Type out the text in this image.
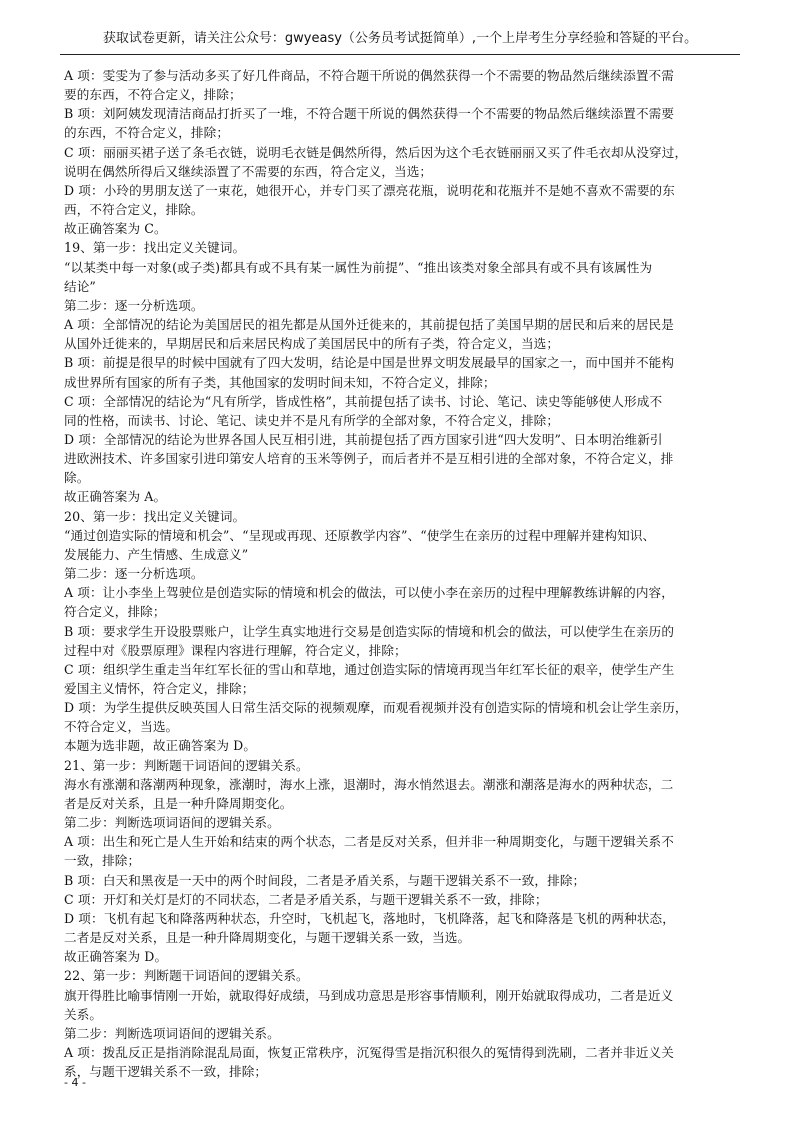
获取试卷更新，请关注公众号：gwyeasy（公务员考试挺简单）,一个上岸考生分享经验和答疑的平台。

A 项：雯雯为了参与活动多买了好几件商品，不符合题干所说的偶然获得一个不需要的物品然后继续添置不需

要的东西，不符合定义，排除；

B 项：刘阿姨发现清洁商品打折买了一堆，不符合题干所说的偶然获得一个不需要的物品然后继续添置不需要

的东西，不符合定义，排除；

C 项：丽丽买裙子送了条毛衣链，说明毛衣链是偶然所得，然后因为这个毛衣链丽丽又买了件毛衣却从没穿过，

说明在偶然所得后又继续添置了不需要的东西，符合定义，当选；

D 项：小玲的男朋友送了一束花，她很开心，并专门买了漂亮花瓶，说明花和花瓶并不是她不喜欢不需要的东

西，不符合定义，排除。

故正确答案为 C。

19、第一步：找出定义关键词。

“以某类中每一对象(或子类)都具有或不具有某一属性为前提”、“推出该类对象全部具有或不具有该属性为

结论”

第二步：逐一分析选项。

A 项：全部情况的结论为美国居民的祖先都是从国外迁徙来的，其前提包括了美国早期的居民和后来的居民是

从国外迁徙来的，早期居民和后来居民构成了美国居民中的所有子类，符合定义，当选；

B 项：前提是很早的时候中国就有了四大发明，结论是中国是世界文明发展最早的国家之一，而中国并不能构

成世界所有国家的所有子类，其他国家的发明时间未知，不符合定义，排除；

C 项：全部情况的结论为“凡有所学，皆成性格”，其前提包括了读书、讨论、笔记、读史等能够使人形成不

同的性格，而读书、讨论、笔记、读史并不是凡有所学的全部对象，不符合定义，排除；

D 项：全部情况的结论为世界各国人民互相引进，其前提包括了西方国家引进“四大发明”、日本明治维新引

进欧洲技术、许多国家引进印第安人培育的玉米等例子，而后者并不是互相引进的全部对象，不符合定义，排

除。

故正确答案为 A。

20、第一步：找出定义关键词。

“通过创造实际的情境和机会”、“呈现或再现、还原教学内容”、“使学生在亲历的过程中理解并建构知识、

发展能力、产生情感、生成意义”

第二步：逐一分析选项。

A 项：让小李坐上驾驶位是创造实际的情境和机会的做法，可以使小李在亲历的过程中理解教练讲解的内容，

符合定义，排除；

B 项：要求学生开设股票账户，让学生真实地进行交易是创造实际的情境和机会的做法，可以使学生在亲历的

过程中对《股票原理》课程内容进行理解，符合定义，排除；

C 项：组织学生重走当年红军长征的雪山和草地，通过创造实际的情境再现当年红军长征的艰辛，使学生产生

爱国主义情怀，符合定义，排除；

D 项：为学生提供反映英国人日常生活交际的视频观摩，而观看视频并没有创造实际的情境和机会让学生亲历，

不符合定义，当选。

本题为选非题，故正确答案为 D。

21、第一步：判断题干词语间的逻辑关系。

海水有涨潮和落潮两种现象，涨潮时，海水上涨，退潮时，海水悄然退去。潮涨和潮落是海水的两种状态，二

者是反对关系，且是一种升降周期变化。

第二步：判断选项词语间的逻辑关系。

A 项：出生和死亡是人生开始和结束的两个状态，二者是反对关系，但并非一种周期变化，与题干逻辑关系不

一致，排除；

B 项：白天和黑夜是一天中的两个时间段，二者是矛盾关系，与题干逻辑关系不一致，排除；

C 项：开灯和关灯是灯的不同状态，二者是矛盾关系，与题干逻辑关系不一致，排除；

D 项：飞机有起飞和降落两种状态，升空时，飞机起飞，落地时，飞机降落，起飞和降落是飞机的两种状态，

二者是反对关系，且是一种升降周期变化，与题干逻辑关系一致，当选。

故正确答案为 D。

22、第一步：判断题干词语间的逻辑关系。

旗开得胜比喻事情刚一开始，就取得好成绩，马到成功意思是形容事情顺利，刚开始就取得成功，二者是近义

关系。

第二步：判断选项词语间的逻辑关系。

A 项：拨乱反正是指消除混乱局面，恢复正常秩序，沉冤得雪是指沉积很久的冤情得到洗刷，二者并非近义关

系，与题干逻辑关系不一致，排除；

- 4 -
